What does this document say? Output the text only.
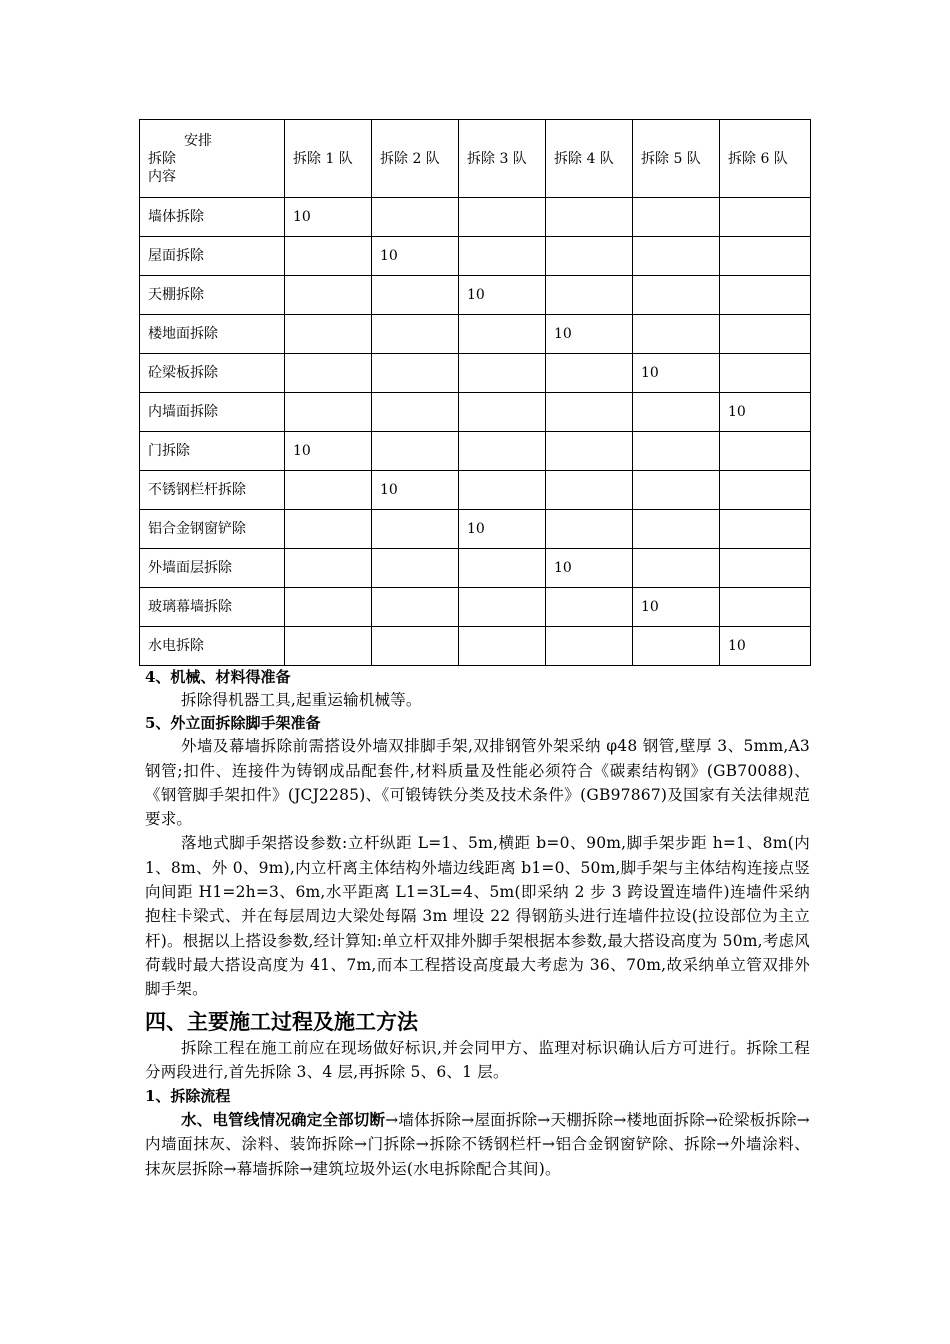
安排
拆除
内容	拆除 1 队	拆除 2 队	拆除 3 队	拆除 4 队	拆除 5 队	拆除 6 队
墙体拆除	10					
屋面拆除		10				
天棚拆除			10			
楼地面拆除				10		
砼梁板拆除					10	
内墙面拆除						10
门拆除	10					
不锈钢栏杆拆除		10				
铝合金钢窗铲除			10			
外墙面层拆除				10		
玻璃幕墙拆除					10	
水电拆除						10
4、机械、材料得准备
拆除得机器工具,起重运输机械等。
5、外立面拆除脚手架准备
外墙及幕墙拆除前需搭设外墙双排脚手架,双排钢管外架采纳 φ48 钢管,壁厚 3、5mm,A3 钢管;扣件、连接件为铸钢成品配套件,材料质量及性能必须符合《碳素结构钢》(GB70088)、《钢管脚手架扣件》(JCJ2285)、《可锻铸铁分类及技术条件》(GB97867)及国家有关法律规范要求。
落地式脚手架搭设参数:立杆纵距 L=1、5m,横距 b=0、90m,脚手架步距 h=1、8m(内 1、8m、外 0、9m),内立杆离主体结构外墙边线距离 b1=0、50m,脚手架与主体结构连接点竖向间距 H1=2h=3、6m,水平距离 L1=3L=4、5m(即采纳 2 步 3 跨设置连墙件)连墙件采纳抱柱卡梁式、并在每层周边大梁处每隔 3m 埋设 22 得钢筋头进行连墙件拉设(拉设部位为主立杆)。根据以上搭设参数,经计算知:单立杆双排外脚手架根据本参数,最大搭设高度为 50m,考虑风荷载时最大搭设高度为 41、7m,而本工程搭设高度最大考虑为 36、70m,故采纳单立管双排外脚手架。
四、主要施工过程及施工方法
拆除工程在施工前应在现场做好标识,并会同甲方、监理对标识确认后方可进行。拆除工程分两段进行,首先拆除 3、4 层,再拆除 5、6、1 层。
1、拆除流程
水、电管线情况确定全部切断→墙体拆除→屋面拆除→天棚拆除→楼地面拆除→砼梁板拆除→内墙面抹灰、涂料、装饰拆除→门拆除→拆除不锈钢栏杆→铝合金钢窗铲除、拆除→外墙涂料、抹灰层拆除→幕墙拆除→建筑垃圾外运(水电拆除配合其间)。
